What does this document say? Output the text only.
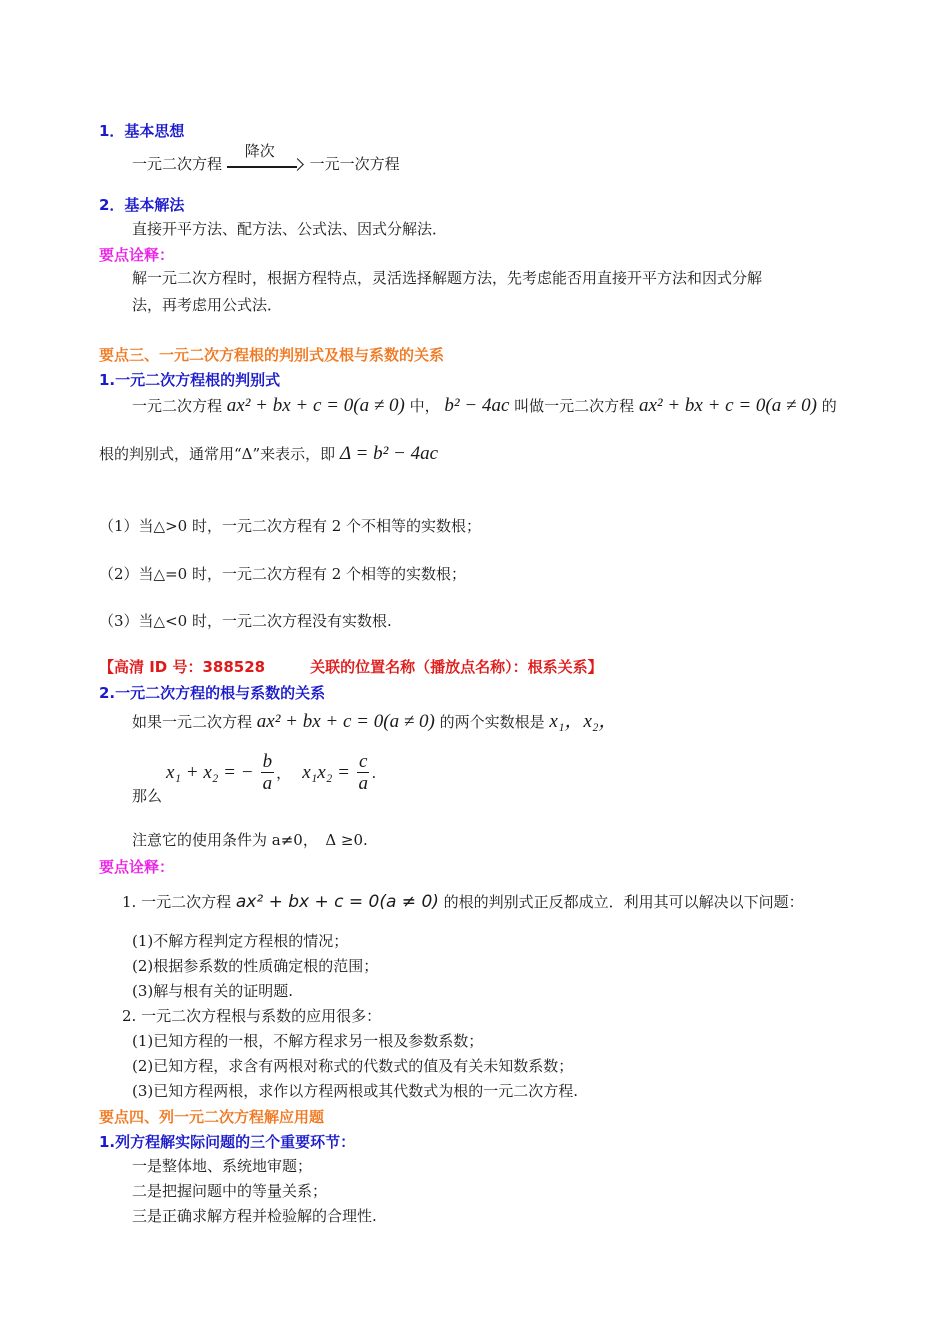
1．基本思想
一元二次方程
降次
一元一次方程
2．基本解法
直接开平方法、配方法、公式法、因式分解法．
要点诠释：
解一元二次方程时，根据方程特点，灵活选择解题方法，先考虑能否用直接开平方法和因式分解
法，再考虑用公式法．
要点三、一元二次方程根的判别式及根与系数的关系
1.一元二次方程根的判别式
一元二次方程 ax² + bx + c = 0(a ≠ 0) 中， b² − 4ac 叫做一元二次方程 ax² + bx + c = 0(a ≠ 0) 的
根的判别式，通常用“Δ”来表示，即 Δ = b² − 4ac
（1）当△>0 时，一元二次方程有 2 个不相等的实数根；
（2）当△=0 时，一元二次方程有 2 个相等的实数根；
（3）当△<0 时，一元二次方程没有实数根.
【高清 ID 号：388528　　　关联的位置名称（播放点名称）：根系关系】
2.一元二次方程的根与系数的关系
如果一元二次方程 ax² + bx + c = 0(a ≠ 0) 的两个实数根是 x₁，x₂，
那么
x₁ + x₂ = − $\frac{b}{a}$ ， $x_1x_2 = \frac{c}{a}$ .
注意它的使用条件为 a≠0，　Δ ≥0.
要点诠释：
1. 一元二次方程 ax² + bx + c = 0(a ≠ 0) 的根的判别式正反都成立．利用其可以解决以下问题：
(1)不解方程判定方程根的情况；
(2)根据参系数的性质确定根的范围；
(3)解与根有关的证明题.
2. 一元二次方程根与系数的应用很多：
(1)已知方程的一根，不解方程求另一根及参数系数；
(2)已知方程，求含有两根对称式的代数式的值及有关未知数系数；
(3)已知方程两根，求作以方程两根或其代数式为根的一元二次方程.
要点四、列一元二次方程解应用题
1.列方程解实际问题的三个重要环节：
一是整体地、系统地审题；
二是把握问题中的等量关系；
三是正确求解方程并检验解的合理性.
